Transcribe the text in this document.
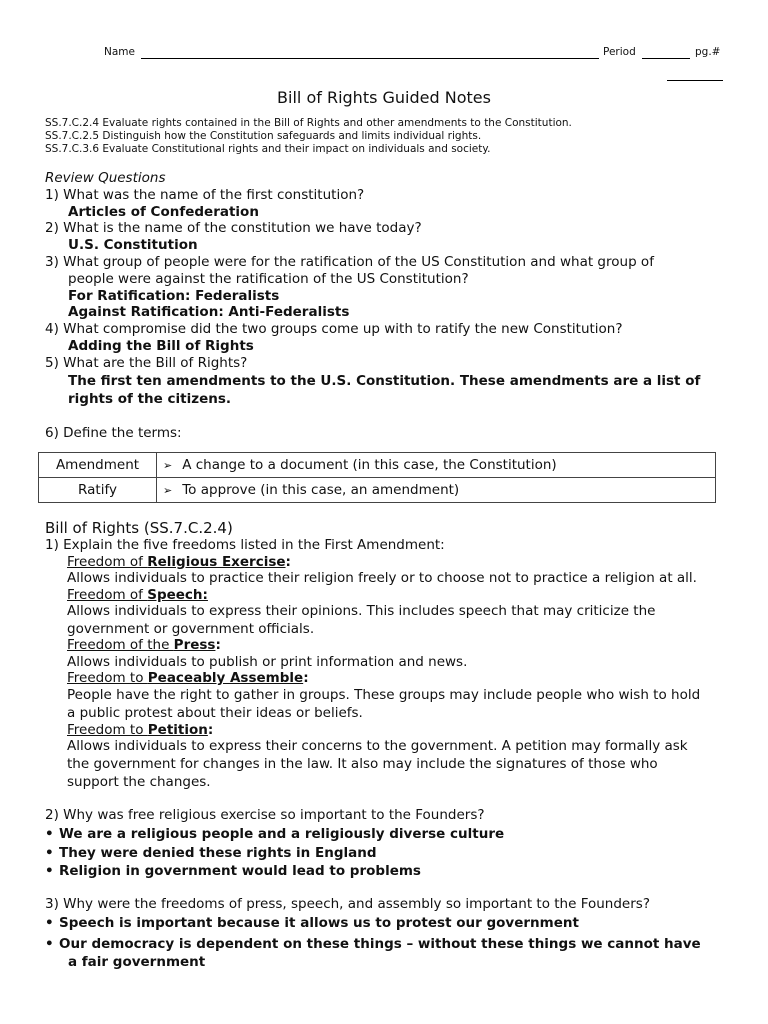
Name	Period	pg.#
Bill of Rights Guided Notes
SS.7.C.2.4 Evaluate rights contained in the Bill of Rights and other amendments to the Constitution.
SS.7.C.2.5 Distinguish how the Constitution safeguards and limits individual rights.
SS.7.C.3.6 Evaluate Constitutional rights and their impact on individuals and society.
Review Questions
1) What was the name of the first constitution?
Articles of Confederation
2) What is the name of the constitution we have today?
U.S. Constitution
3) What group of people were for the ratification of the US Constitution and what group of
people were against the ratification of the US Constitution?
For Ratification: Federalists
Against Ratification: Anti-Federalists
4) What compromise did the two groups come up with to ratify the new Constitution?
Adding the Bill of Rights
5) What are the Bill of Rights?
The first ten amendments to the U.S. Constitution. These amendments are a list of
rights of the citizens.
6) Define the terms:
Amendment	➢ A change to a document (in this case, the Constitution)
Ratify	➢ To approve (in this case, an amendment)
Bill of Rights (SS.7.C.2.4)
1) Explain the five freedoms listed in the First Amendment:
Freedom of Religious Exercise:
Allows individuals to practice their religion freely or to choose not to practice a religion at all.
Freedom of Speech:
Allows individuals to express their opinions. This includes speech that may criticize the
government or government officials.
Freedom of the Press:
Allows individuals to publish or print information and news.
Freedom to Peaceably Assemble:
People have the right to gather in groups. These groups may include people who wish to hold
a public protest about their ideas or beliefs.
Freedom to Petition:
Allows individuals to express their concerns to the government. A petition may formally ask
the government for changes in the law. It also may include the signatures of those who
support the changes.
2) Why was free religious exercise so important to the Founders?
• We are a religious people and a religiously diverse culture
• They were denied these rights in England
• Religion in government would lead to problems
3) Why were the freedoms of press, speech, and assembly so important to the Founders?
• Speech is important because it allows us to protest our government
• Our democracy is dependent on these things – without these things we cannot have
a fair government
